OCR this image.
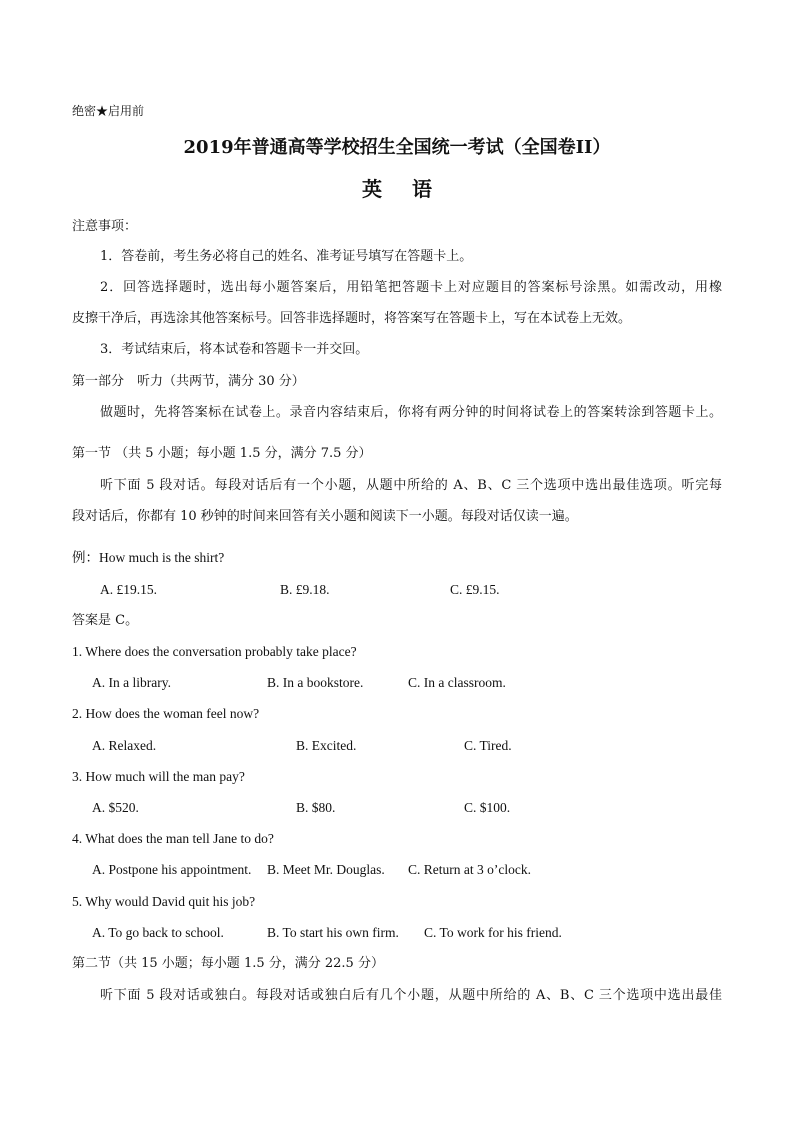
绝密★启用前
2019年普通高等学校招生全国统一考试（全国卷II）
英语
注意事项：
1．答卷前，考生务必将自己的姓名、准考证号填写在答题卡上。
2．回答选择题时，选出每小题答案后，用铅笔把答题卡上对应题目的答案标号涂黑。如需改动，用橡
皮擦干净后，再选涂其他答案标号。回答非选择题时，将答案写在答题卡上，写在本试卷上无效。
3．考试结束后，将本试卷和答题卡一并交回。
第一部分　听力（共两节，满分 30 分）
做题时，先将答案标在试卷上。录音内容结束后，你将有两分钟的时间将试卷上的答案转涂到答题卡上。
第一节 （共 5 小题；每小题 1.5 分，满分 7.5 分）
听下面 5 段对话。每段对话后有一个小题，从题中所给的 A、B、C 三个选项中选出最佳选项。听完每
段对话后，你都有 10 秒钟的时间来回答有关小题和阅读下一小题。每段对话仅读一遍。
例：How much is the shirt?
A. £19.15.	B. £9.18.	C. £9.15.
答案是 C。
1. Where does the conversation probably take place?
A. In a library.	B. In a bookstore.	C. In a classroom.
2. How does the woman feel now?
A. Relaxed.	B. Excited.	C. Tired.
3. How much will the man pay?
A. $520.	B. $80.	C. $100.
4. What does the man tell Jane to do?
A. Postpone his appointment. B. Meet Mr. Douglas. C. Return at 3 o’clock.
5. Why would David quit his job?
A. To go back to school.	B. To start his own firm. C. To work for his friend.
第二节（共 15 小题；每小题 1.5 分，满分 22.5 分）
听下面 5 段对话或独白。每段对话或独白后有几个小题，从题中所给的 A、B、C 三个选项中选出最佳
